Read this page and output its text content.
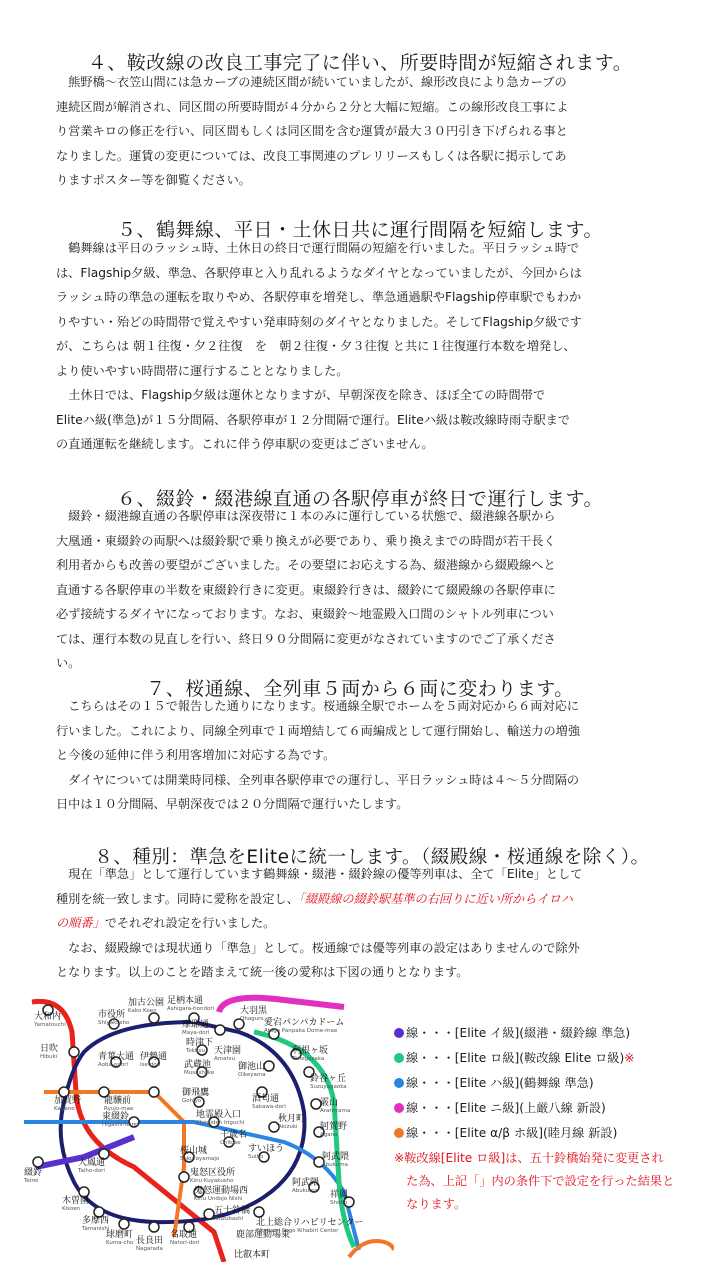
４、鞍改線の改良工事完了に伴い、所要時間が短縮されます。
　熊野橋～衣笠山間には急カーブの連続区間が続いていましたが、線形改良により急カーブの
連続区間が解消され、同区間の所要時間が４分から２分と大幅に短縮。この線形改良工事によ
り営業キロの修正を行い、同区間もしくは同区間を含む運賃が最大３０円引き下げられる事と
なりました。運賃の変更については、改良工事関連のプレリリースもしくは各駅に掲示してあ
りますポスター等を御覧ください。
５、鶴舞線、平日・土休日共に運行間隔を短縮します。
　鶴舞線は平日のラッシュ時、土休日の終日で運行間隔の短縮を行いました。平日ラッシュ時で
は、Flagship夕級、準急、各駅停車と入り乱れるようなダイヤとなっていましたが、今回からは
ラッシュ時の準急の運転を取りやめ、各駅停車を増発し、準急通過駅やFlagship停車駅でもわか
りやすい・殆どの時間帯で覚えやすい発車時刻のダイヤとなりました。そしてFlagship夕級です
が、こちらは 朝１往復・夕２往復　を　朝２往復・夕３往復 と共に１往復運行本数を増発し、
より使いやすい時間帯に運行することとなりました。
　土休日では、Flagship夕級は運休となりますが、早朝深夜を除き、ほぼ全ての時間帯で
Eliteハ級(準急)が１５分間隔、各駅停車が１２分間隔で運行。Eliteハ級は鞍改線時雨寺駅まで
の直通運転を継続します。これに伴う停車駅の変更はございません。
６、綴鈴・綴港線直通の各駅停車が終日で運行します。
　綴鈴・綴港線直通の各駅停車は深夜帯に１本のみに運行している状態で、綴港線各駅から
大凰通・東綴鈴の両駅へは綴鈴駅で乗り換えが必要であり、乗り換えまでの時間が若干長く
利用者からも改善の要望がございました。その要望にお応えする為、綴港線から綴殿線へと
直通する各駅停車の半数を東綴鈴行きに変更。東綴鈴行きは、綴鈴にて綴殿線の各駅停車に
必ず接続するダイヤになっております。なお、東綴鈴～地霊殿入口間のシャトル列車につい
ては、運行本数の見直しを行い、終日９０分間隔に変更がなされていますのでご了承くださ
い。
７、桜通線、全列車５両から６両に変わります。
　こちらはその１５で報告した通りになります。桜通線全駅でホームを５両対応から６両対応に
行いました。これにより、同線全列車で１両増結して６両編成として運行開始し、輸送力の増強
と今後の延伸に伴う利用客増加に対応する為です。
　ダイヤについては開業時同様、全列車各駅停車での運行し、平日ラッシュ時は４～５分間隔の
日中は１０分間隔、早朝深夜では２０分間隔で運行いたします。
８、種別：準急をEliteに統一します。（綴殿線・桜通線を除く）。
　現在「準急」として運行しています鶴舞線・綴港・綴鈴線の優等列車は、全て「Elite」として
種別を統一致します。同時に愛称を設定し、「綴殿線の綴鈴駅基準の右回りに近い所からイロハ
の順番」でそれぞれ設定を行いました。
　なお、綴殿線では現状通り「準急」として。桜通線では優等列車の設定はありませんので除外
となります。以上のことを踏まえて統一後の愛称は下図の通りとなります。
大和内
Yamatouchi
市役所
Shiyakusho
加古公園
Kako Koen
足柄本通
Ashigara-hondori	大羽黒
Ohaguro 愛宕パンパカドーム
Atago Panpaka Dome-mae
摩耶通
Maya-dori
日吹
Hibuki	青葉大通
Aoba-odori
伊勢通
Ise-dori
時津下
Tokitsu 天津園
Amatsu
利根ヶ坂
Tonegasaka
武蔵池
Musashiike
御池山
Oikeyama	鈴谷ヶ丘
Suzuyagaoka
加賀野
Kagano
龍驤前
Ryujo-mae
御飛鷹
Gohiyo	酒匂通
Sakawa-dori	霰山
Arareyama
地霊殿入口
Chireiden Iriguchi	秋月町
Akizuki	阿賀野
Agano
東綴鈴
Higashi-teirei
千歳名
Chitose
桜山城
Sakurayamajo
すいほう
Suiho	阿武隈
Abukuma
綴鈴
Teirei
大鳳通
Taiho-dori	鬼怒区役所
Kinu Kuyakusho
鬼怒運動場西
Kinu Undojo Nishi
阿武隈
Abukuma
木曽園
Kisoen
多摩西
Tamanishi
五十鈴橋
Isuzubashi
祥鳳
Shoho
球磨町
Kuma-cho 長良田
Nagarada
名取通
Natori-dori
北上総合リハビリセンター
Kitakami Sogo Rihabiri Center
鹿部運動場東
比叡本町
線・・・[Elite イ級](綴港・綴鈴線 準急)
線・・・[Elite ロ級](鞍改線 Elite ロ級)※
線・・・[Elite ハ級](鶴舞線 準急)
線・・・[Elite ニ級](上厳八線 新設)
線・・・[Elite α/β ホ級](睦月線 新設)
※鞍改線[Elite ロ級]は、五十鈴橋始発に変更され
　た為、上記「」内の条件下で設定を行った結果と
　なります。
